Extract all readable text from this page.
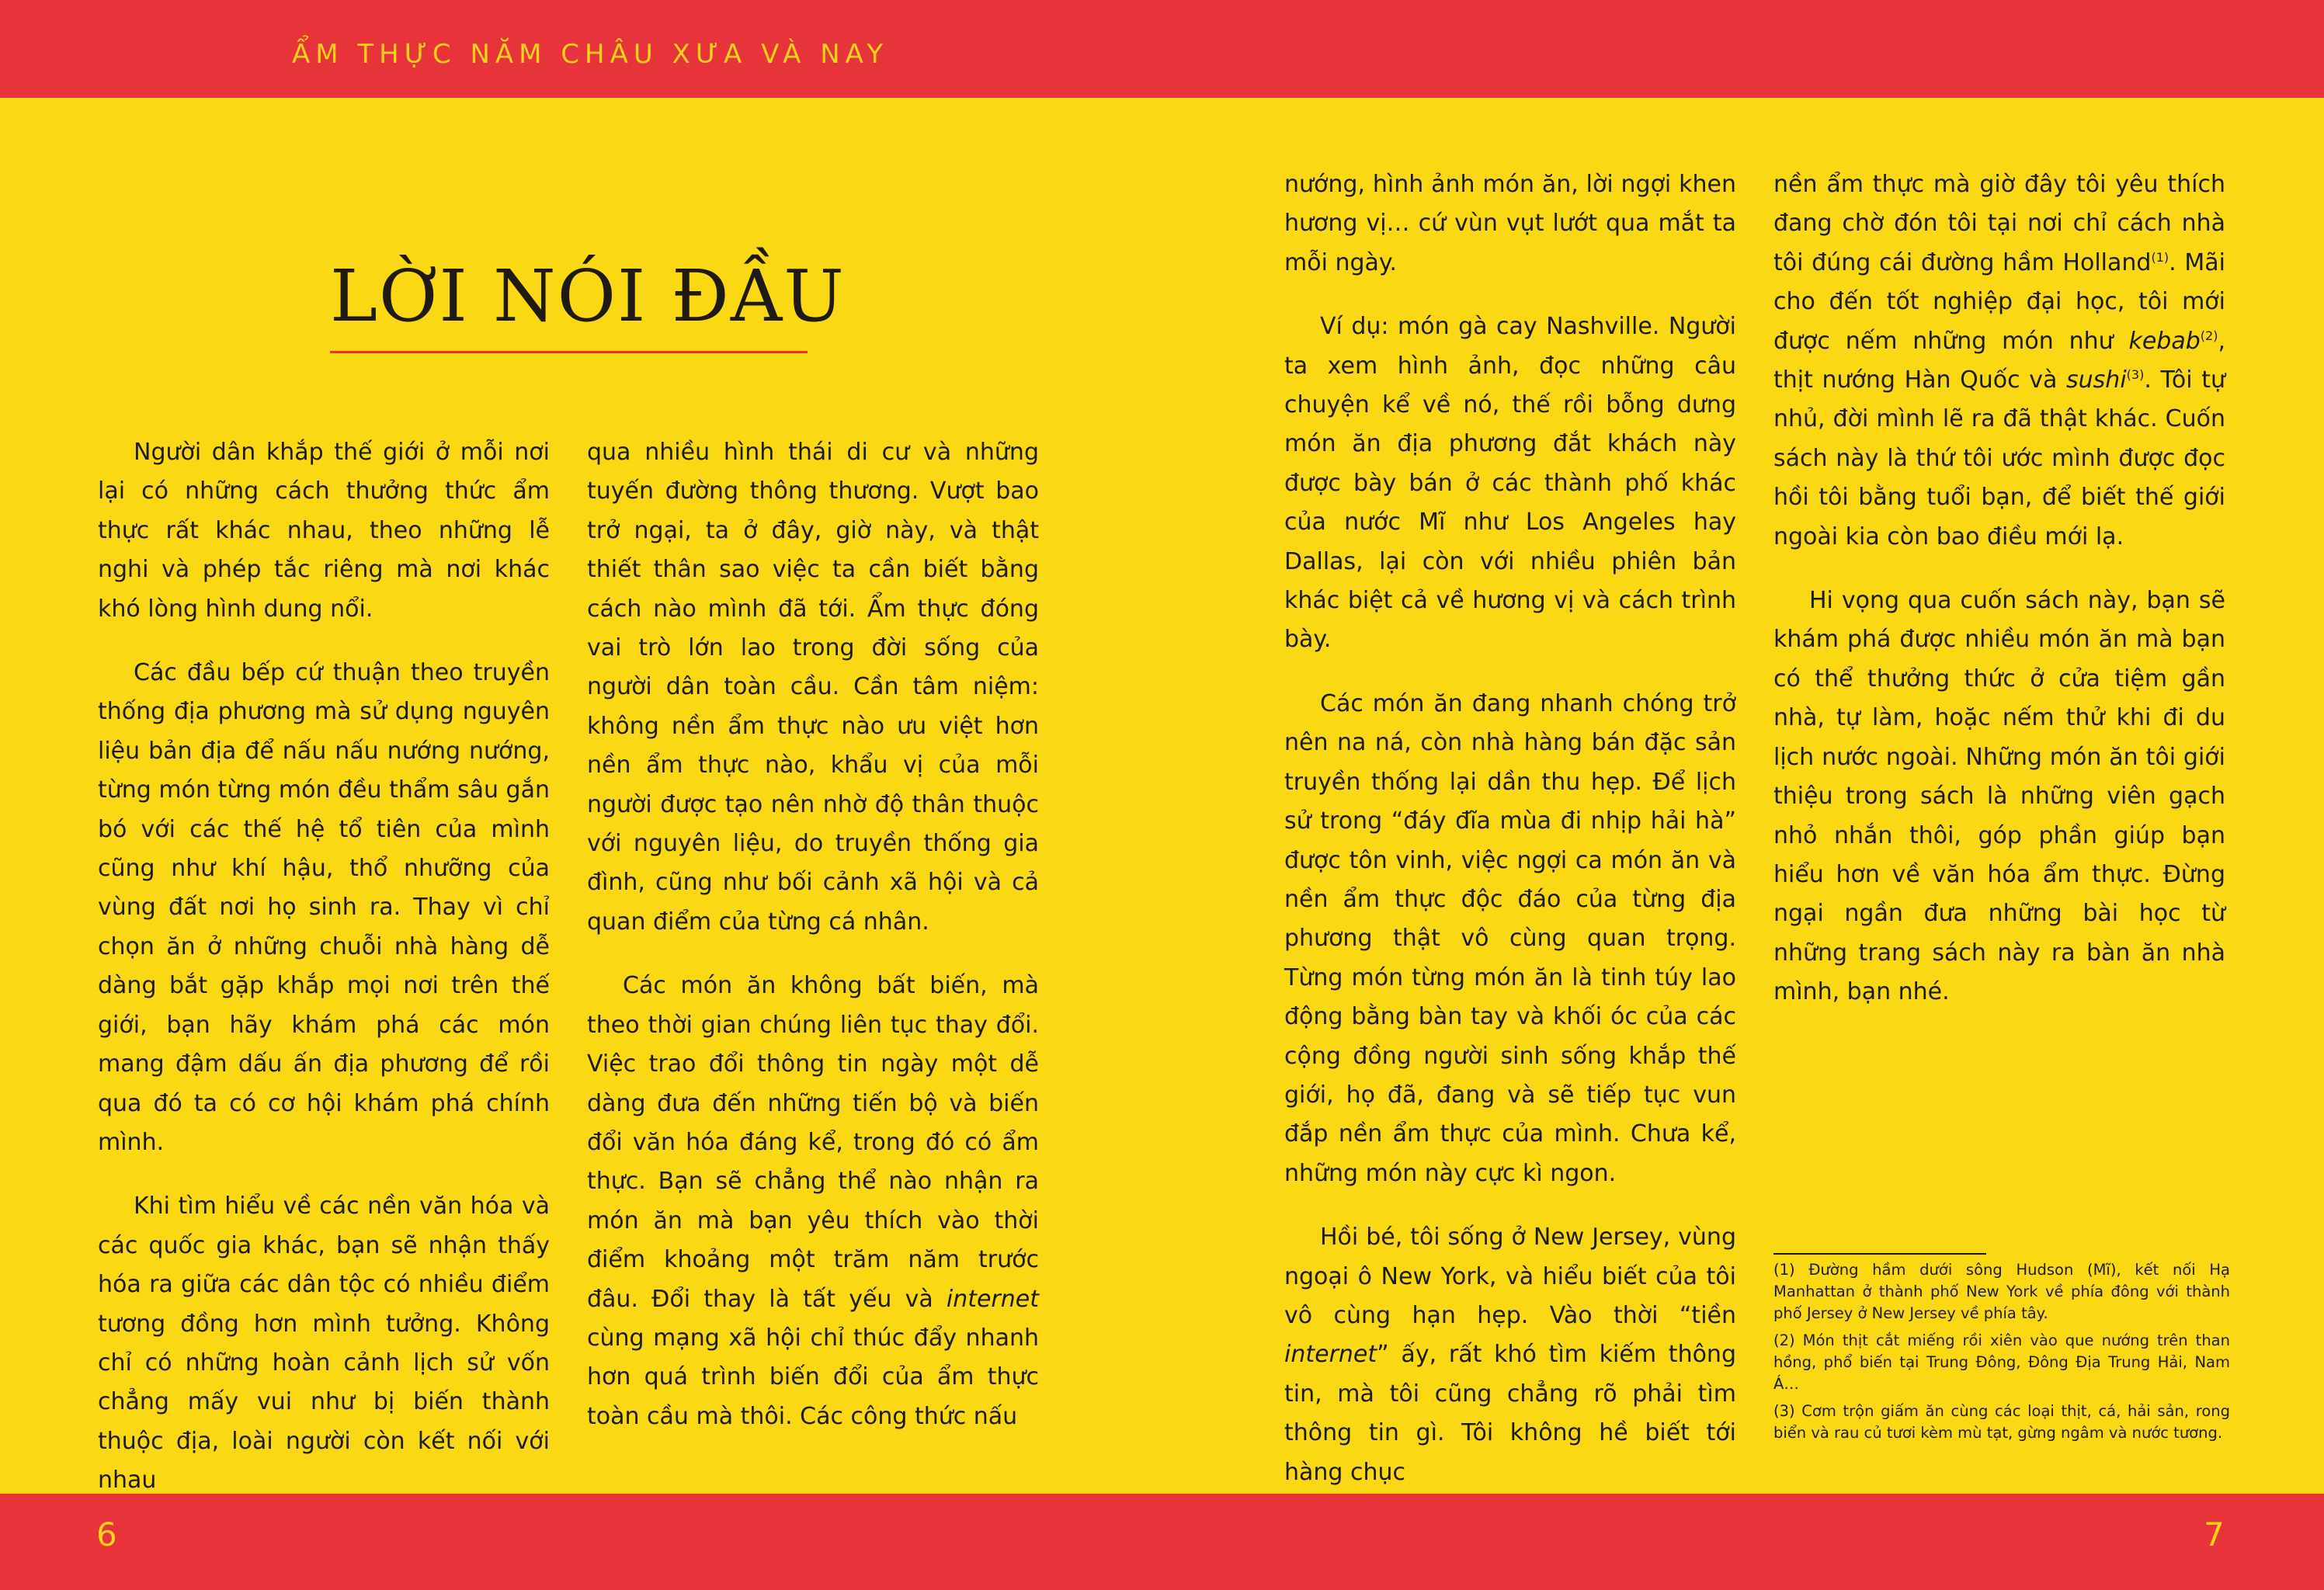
ẨM THỰC NĂM CHÂU XƯA VÀ NAY
LỜI NÓI ĐẦU

Người dân khắp thế giới ở mỗi nơi lại có những cách thưởng thức ẩm thực rất khác nhau, theo những lễ nghi và phép tắc riêng mà nơi khác khó lòng hình dung nổi.

Các đầu bếp cứ thuận theo truyền thống địa phương mà sử dụng nguyên liệu bản địa để nấu nấu nướng nướng, từng món từng món đều thẩm sâu gắn bó với các thế hệ tổ tiên của mình cũng như khí hậu, thổ nhưỡng của vùng đất nơi họ sinh ra. Thay vì chỉ chọn ăn ở những chuỗi nhà hàng dễ dàng bắt gặp khắp mọi nơi trên thế giới, bạn hãy khám phá các món mang đậm dấu ấn địa phương để rồi qua đó ta có cơ hội khám phá chính mình.

Khi tìm hiểu về các nền văn hóa và các quốc gia khác, bạn sẽ nhận thấy hóa ra giữa các dân tộc có nhiều điểm tương đồng hơn mình tưởng. Không chỉ có những hoàn cảnh lịch sử vốn chẳng mấy vui như bị biến thành thuộc địa, loài người còn kết nối với nhau

qua nhiều hình thái di cư và những tuyến đường thông thương. Vượt bao trở ngại, ta ở đây, giờ này, và thật thiết thân sao việc ta cần biết bằng cách nào mình đã tới. Ẩm thực đóng vai trò lớn lao trong đời sống của người dân toàn cầu. Cần tâm niệm: không nền ẩm thực nào ưu việt hơn nền ẩm thực nào, khẩu vị của mỗi người được tạo nên nhờ độ thân thuộc với nguyên liệu, do truyền thống gia đình, cũng như bối cảnh xã hội và cả quan điểm của từng cá nhân.

Các món ăn không bất biến, mà theo thời gian chúng liên tục thay đổi. Việc trao đổi thông tin ngày một dễ dàng đưa đến những tiến bộ và biến đổi văn hóa đáng kể, trong đó có ẩm thực. Bạn sẽ chẳng thể nào nhận ra món ăn mà bạn yêu thích vào thời điểm khoảng một trăm năm trước đâu. Đổi thay là tất yếu và internet cùng mạng xã hội chỉ thúc đẩy nhanh hơn quá trình biến đổi của ẩm thực toàn cầu mà thôi. Các công thức nấu

nướng, hình ảnh món ăn, lời ngợi khen hương vị… cứ vùn vụt lướt qua mắt ta mỗi ngày.

Ví dụ: món gà cay Nashville. Người ta xem hình ảnh, đọc những câu chuyện kể về nó, thế rồi bỗng dưng món ăn địa phương đắt khách này được bày bán ở các thành phố khác của nước Mĩ như Los Angeles hay Dallas, lại còn với nhiều phiên bản khác biệt cả về hương vị và cách trình bày.

Các món ăn đang nhanh chóng trở nên na ná, còn nhà hàng bán đặc sản truyền thống lại dần thu hẹp. Để lịch sử trong “đáy đĩa mùa đi nhịp hải hà” được tôn vinh, việc ngợi ca món ăn và nền ẩm thực độc đáo của từng địa phương thật vô cùng quan trọng. Từng món từng món ăn là tinh túy lao động bằng bàn tay và khối óc của các cộng đồng người sinh sống khắp thế giới, họ đã, đang và sẽ tiếp tục vun đắp nền ẩm thực của mình. Chưa kể, những món này cực kì ngon.

Hồi bé, tôi sống ở New Jersey, vùng ngoại ô New York, và hiểu biết của tôi vô cùng hạn hẹp. Vào thời “tiền internet” ấy, rất khó tìm kiếm thông tin, mà tôi cũng chẳng rõ phải tìm thông tin gì. Tôi không hề biết tới hàng chục

nền ẩm thực mà giờ đây tôi yêu thích đang chờ đón tôi tại nơi chỉ cách nhà tôi đúng cái đường hầm Holland$^{(1)}$. Mãi cho đến tốt nghiệp đại học, tôi mới được nếm những món như kebab$^{(2)}$, thịt nướng Hàn Quốc và sushi$^{(3)}$. Tôi tự nhủ, đời mình lẽ ra đã thật khác. Cuốn sách này là thứ tôi ước mình được đọc hồi tôi bằng tuổi bạn, để biết thế giới ngoài kia còn bao điều mới lạ.

Hi vọng qua cuốn sách này, bạn sẽ khám phá được nhiều món ăn mà bạn có thể thưởng thức ở cửa tiệm gần nhà, tự làm, hoặc nếm thử khi đi du lịch nước ngoài. Những món ăn tôi giới thiệu trong sách là những viên gạch nhỏ nhắn thôi, góp phần giúp bạn hiểu hơn về văn hóa ẩm thực. Đừng ngại ngần đưa những bài học từ những trang sách này ra bàn ăn nhà mình, bạn nhé.

(1) Đường hầm dưới sông Hudson (Mĩ), kết nối Hạ Manhattan ở thành phố New York về phía đông với thành phố Jersey ở New Jersey về phía tây.

(2) Món thịt cắt miếng rồi xiên vào que nướng trên than hồng, phổ biến tại Trung Đông, Đông Địa Trung Hải, Nam Á…

(3) Cơm trộn giấm ăn cùng các loại thịt, cá, hải sản, rong biển và rau củ tươi kèm mù tạt, gừng ngâm và nước tương.

6	7
